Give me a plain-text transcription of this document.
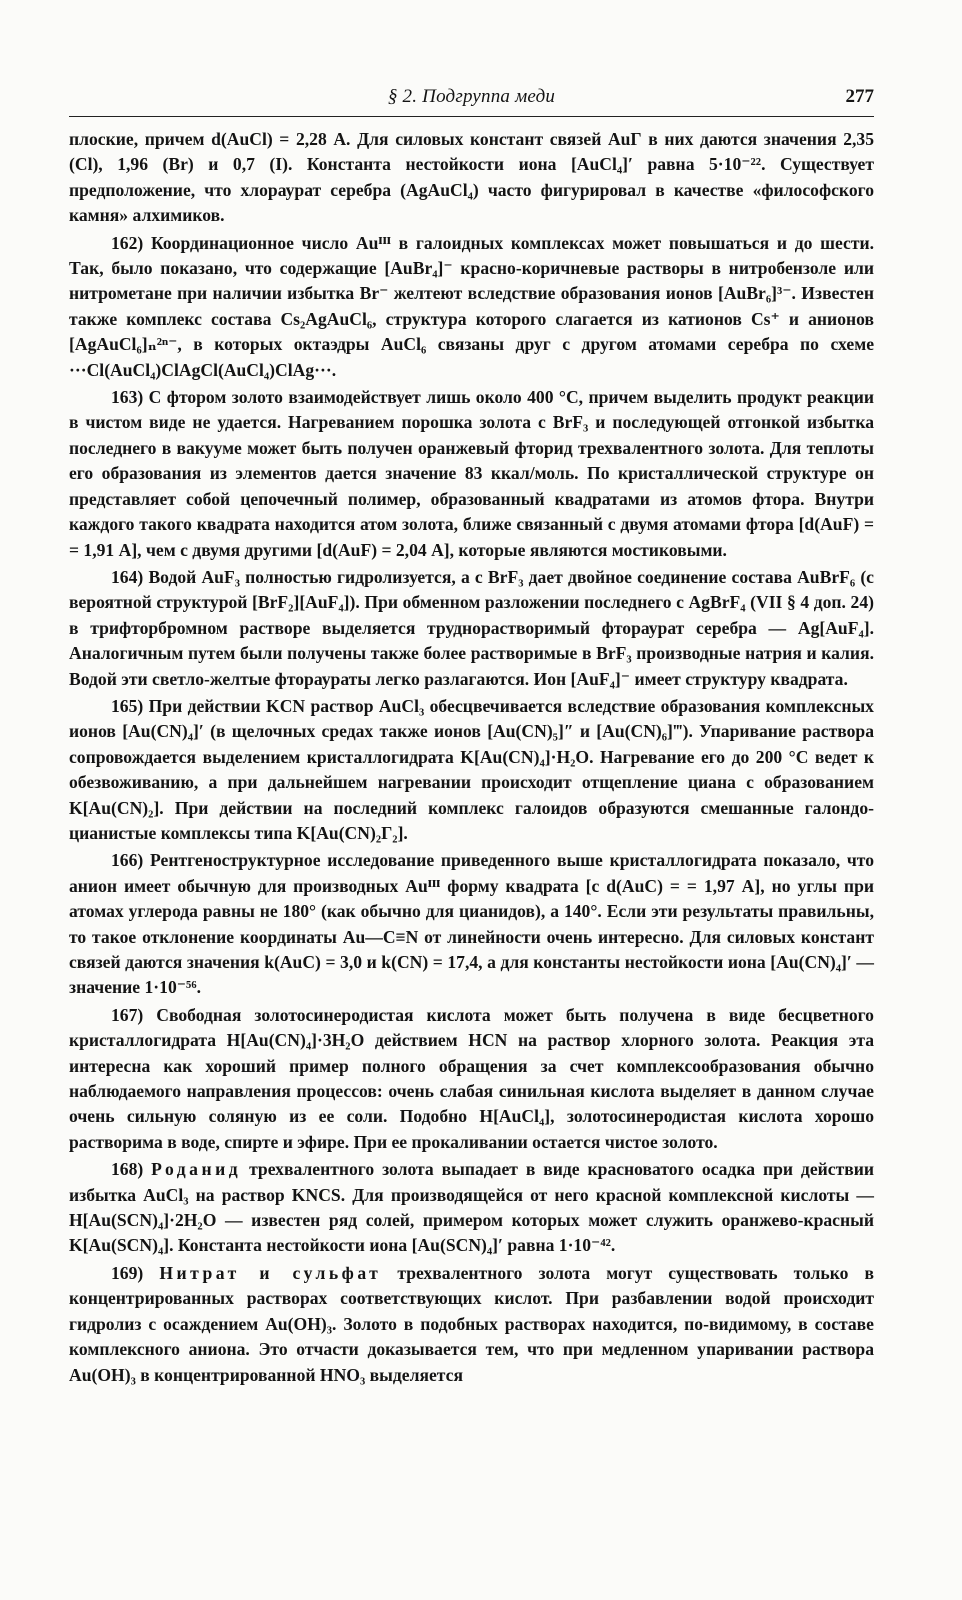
§ 2. Подгруппа меди	277

плоские, причем d(AuCl) = 2,28 А. Для силовых констант связей AuГ в них даются значения 2,35 (Cl), 1,96 (Br) и 0,7 (I). Константа нестойкости иона [AuCl₄]′ равна 5·10⁻²². Существует предположение, что хлораурат серебра (AgAuCl₄) часто фигурировал в качестве «философского камня» алхимиков.

162) Координационное число Auᴵᴵᴵ в галоидных комплексах может повышаться и до шести. Так, было показано, что содержащие [AuBr₄]⁻ красно-коричневые растворы в нитробензоле или нитрометане при наличии избытка Br⁻ желтеют вследствие образования ионов [AuBr₆]³⁻. Известен также комплекс состава Cs₂AgAuCl₆, структура которого слагается из катионов Cs⁺ и анионов [AgAuCl₆]ₙ²ⁿ⁻, в которых октаэдры AuCl₆ связаны друг с другом атомами серебра по схеме ···Cl(AuCl₄)ClAgCl(AuCl₄)ClAg···.

163) С фтором золото взаимодействует лишь около 400 °C, причем выделить продукт реакции в чистом виде не удается. Нагреванием порошка золота с BrF₃ и последующей отгонкой избытка последнего в вакууме может быть получен оранжевый фторид трехвалентного золота. Для теплоты его образования из элементов дается значение 83 ккал/моль. По кристаллической структуре он представляет собой цепочечный полимер, образованный квадратами из атомов фтора. Внутри каждого такого квадрата находится атом золота, ближе связанный с двумя атомами фтора [d(AuF) = = 1,91 А], чем с двумя другими [d(AuF) = 2,04 А], которые являются мостиковыми.

164) Водой AuF₃ полностью гидролизуется, а с BrF₃ дает двойное соединение состава AuBrF₆ (с вероятной структурой [BrF₂][AuF₄]). При обменном разложении последнего с AgBrF₄ (VII § 4 доп. 24) в трифторбромном растворе выделяется труднорастворимый фтораурат серебра — Ag[AuF₄]. Аналогичным путем были получены также более растворимые в BrF₃ производные натрия и калия. Водой эти светло-желтые фтораураты легко разлагаются. Ион [AuF₄]⁻ имеет структуру квадрата.

165) При действии KCN раствор AuCl₃ обесцвечивается вследствие образования комплексных ионов [Au(CN)₄]′ (в щелочных средах также ионов [Au(CN)₅]″ и [Au(CN)₆]‴). Упаривание раствора сопровождается выделением кристаллогидрата K[Au(CN)₄]·H₂O. Нагревание его до 200 °C ведет к обезвоживанию, а при дальнейшем нагревании происходит отщепление циана с образованием K[Au(CN)₂]. При действии на последний комплекс галоидов образуются смешанные галондо-цианистые комплексы типа K[Au(CN)₂Г₂].

166) Рентгеноструктурное исследование приведенного выше кристаллогидрата показало, что анион имеет обычную для производных Auᴵᴵᴵ форму квадрата [с d(AuC) = = 1,97 А], но углы при атомах углерода равны не 180° (как обычно для цианидов), а 140°. Если эти результаты правильны, то такое отклонение координаты Au—C≡N от линейности очень интересно. Для силовых констант связей даются значения k(AuC) = 3,0 и k(CN) = 17,4, а для константы нестойкости иона [Au(CN)₄]′ — значение 1·10⁻⁵⁶.

167) Свободная золотосинеродистая кислота может быть получена в виде бесцветного кристаллогидрата H[Au(CN)₄]·3H₂O действием HCN на раствор хлорного золота. Реакция эта интересна как хороший пример полного обращения за счет комплексообразования обычно наблюдаемого направления процессов: очень слабая синильная кислота выделяет в данном случае очень сильную соляную из ее соли. Подобно H[AuCl₄], золотосинеродистая кислота хорошо растворима в воде, спирте и эфире. При ее прокаливании остается чистое золото.

168) Роданид трехвалентного золота выпадает в виде красноватого осадка при действии избытка AuCl₃ на раствор KNCS. Для производящейся от него красной комплексной кислоты — H[Au(SCN)₄]·2H₂O — известен ряд солей, примером которых может служить оранжево-красный K[Au(SCN)₄]. Константа нестойкости иона [Au(SCN)₄]′ равна 1·10⁻⁴².

169) Нитрат и сульфат трехвалентного золота могут существовать только в концентрированных растворах соответствующих кислот. При разбавлении водой происходит гидролиз с осаждением Au(OH)₃. Золото в подобных растворах находится, по-видимому, в составе комплексного аниона. Это отчасти доказывается тем, что при медленном упаривании раствора Au(OH)₃ в концентрированной HNO₃ выделяется
